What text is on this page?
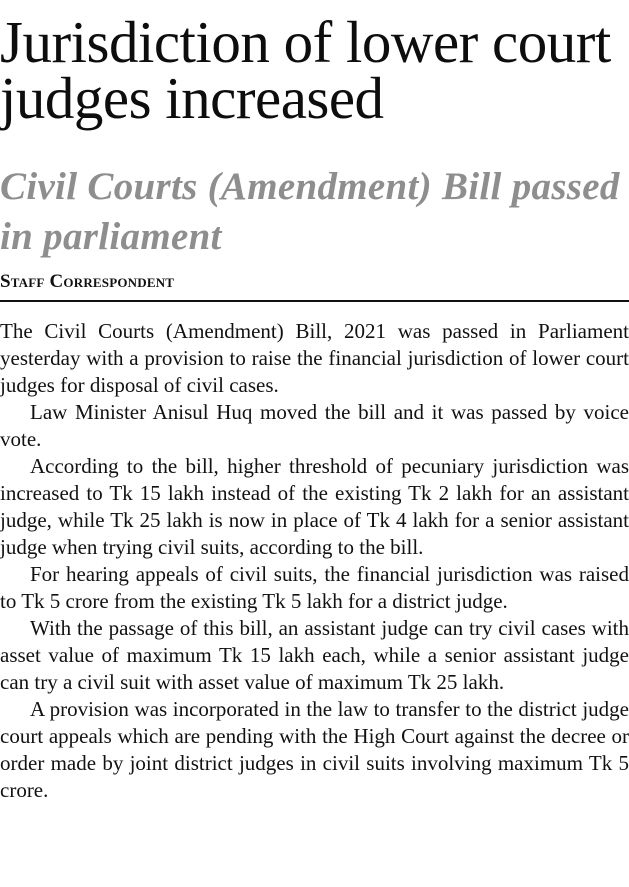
Jurisdiction of lower court judges increased
Civil Courts (Amendment) Bill passed in parliament

Staff Correspondent

The Civil Courts (Amendment) Bill, 2021 was passed in Parliament yesterday with a provision to raise the financial jurisdiction of lower court judges for disposal of civil cases.

Law Minister Anisul Huq moved the bill and it was passed by voice vote.

According to the bill, higher threshold of pecuniary jurisdiction was increased to Tk 15 lakh instead of the existing Tk 2 lakh for an assistant judge, while Tk 25 lakh is now in place of Tk 4 lakh for a senior assistant judge when trying civil suits, according to the bill.

For hearing appeals of civil suits, the financial jurisdiction was raised to Tk 5 crore from the existing Tk 5 lakh for a district judge.

With the passage of this bill, an assistant judge can try civil cases with asset value of maximum Tk 15 lakh each, while a senior assistant judge can try a civil suit with asset value of maximum Tk 25 lakh.

A provision was incorporated in the law to transfer to the district judge court appeals which are pending with the High Court against the decree or order made by joint district judges in civil suits involving maximum Tk 5 crore.
